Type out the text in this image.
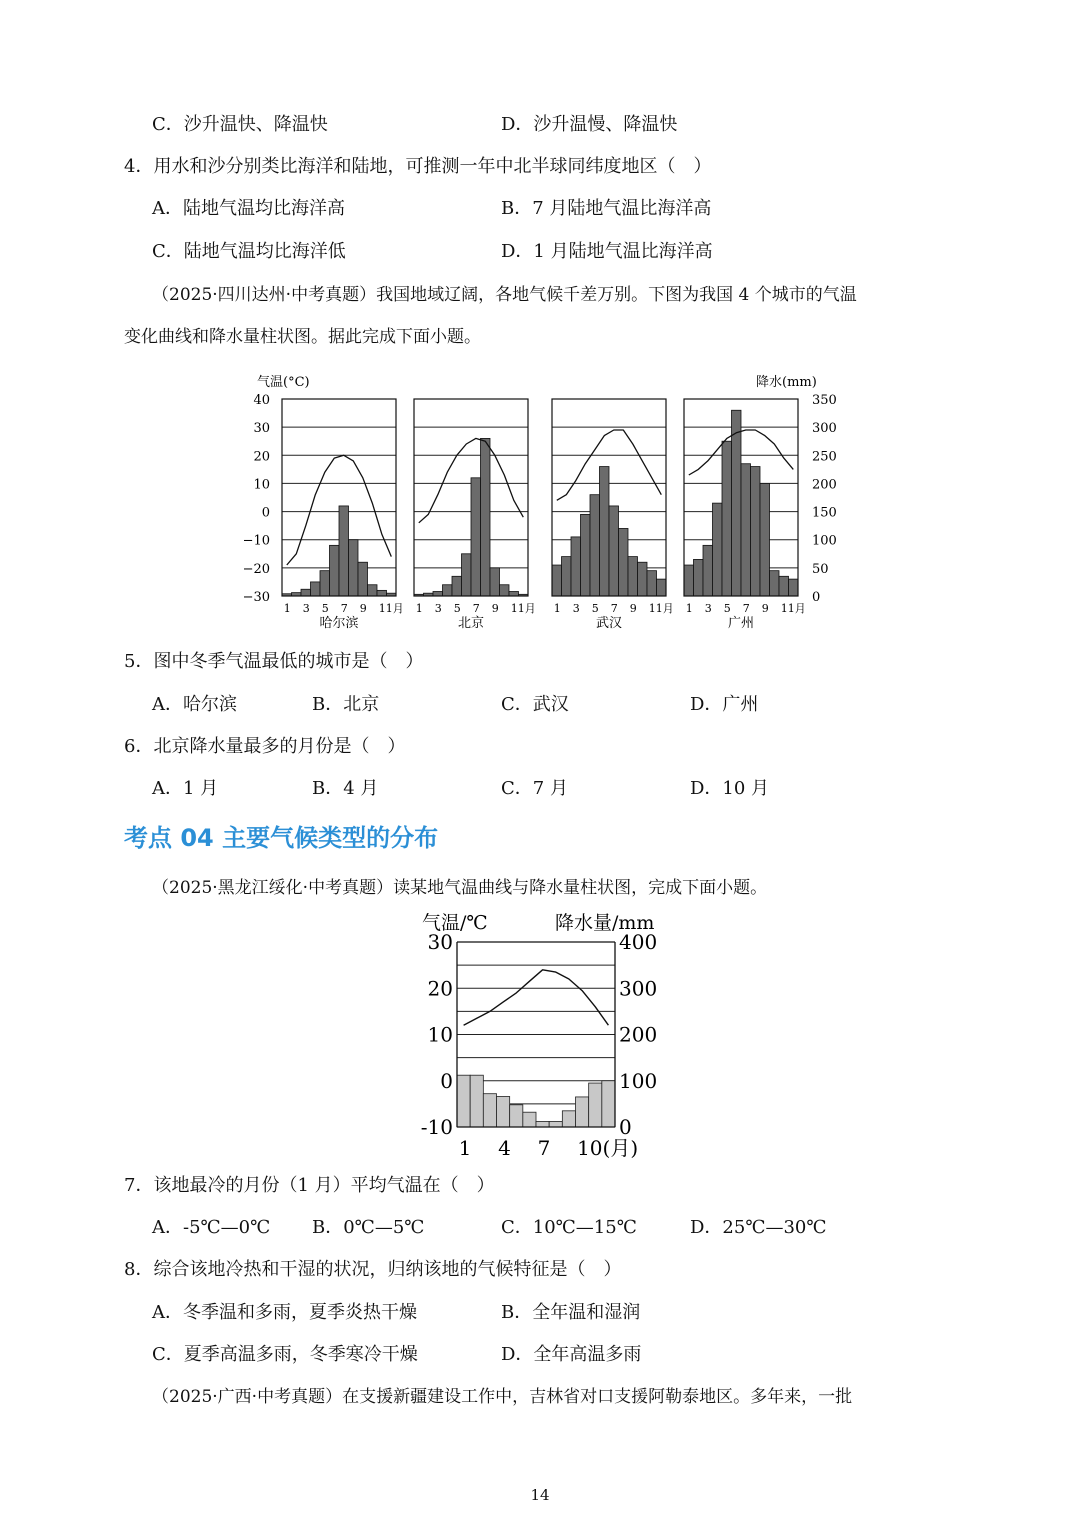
C．沙升温快、降温快	D．沙升温慢、降温快
4．用水和沙分别类比海洋和陆地，可推测一年中北半球同纬度地区（　）
A．陆地气温均比海洋高	B．7 月陆地气温比海洋高
C．陆地气温均比海洋低	D．1 月陆地气温比海洋高
（2025·四川达州·中考真题）我国地域辽阔，各地气候千差万别。下图为我国 4 个城市的气温
变化曲线和降水量柱状图。据此完成下面小题。
气温(°C)	降水(mm)
40
30
20
10
0
−10
−20
−30
350
300
250
200
150
100
50
0
1 3 5 7 9 11月
哈尔滨
1 3 5 7 9 11月
北京
1 3 5 7 9 11月
武汉
1 3 5 7 9 11月
广州
5．图中冬季气温最低的城市是（　）
A．哈尔滨	B．北京	C．武汉	D．广州
6．北京降水量最多的月份是（　）
A．1 月	B．4 月	C．7 月	D．10 月
考点 04 主要气候类型的分布
（2025·黑龙江绥化·中考真题）读某地气温曲线与降水量柱状图，完成下面小题。
气温/℃	降水量/mm
30
20
10
0
-10
400
300
200
100
0
1 4 7 10(月)
7．该地最冷的月份（1 月）平均气温在（　）
A．-5℃—0℃ B．0℃—5℃	C．10℃—15℃	D．25℃—30℃
8．综合该地冷热和干湿的状况，归纳该地的气候特征是（　）
A．冬季温和多雨，夏季炎热干燥	B．全年温和湿润
C．夏季高温多雨，冬季寒冷干燥	D．全年高温多雨
（2025·广西·中考真题）在支援新疆建设工作中，吉林省对口支援阿勒泰地区。多年来，一批
14
